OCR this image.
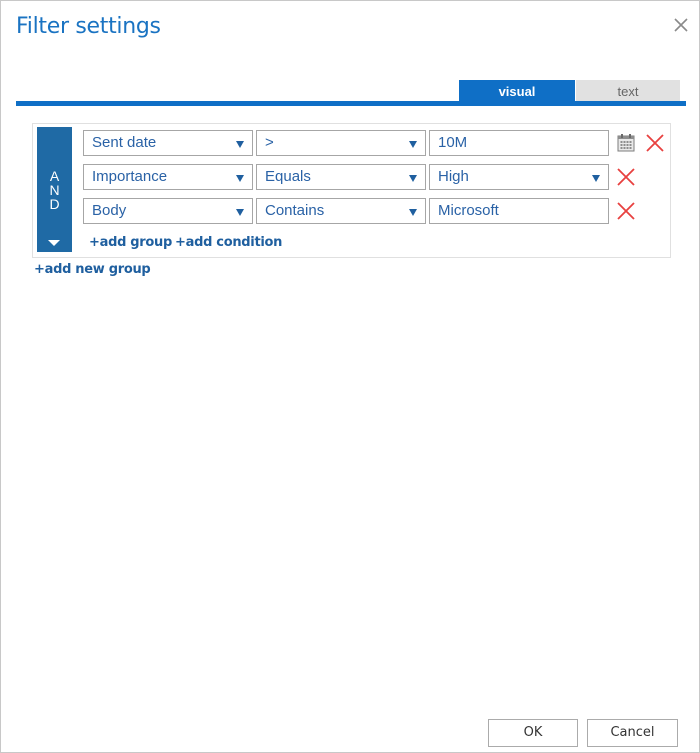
Filter settings
visual	text
A
N
D
Sent date	>	10M
Importance	Equals	High
Body	Contains	Microsoft
+add group +add condition
+add new group
OK	Cancel
